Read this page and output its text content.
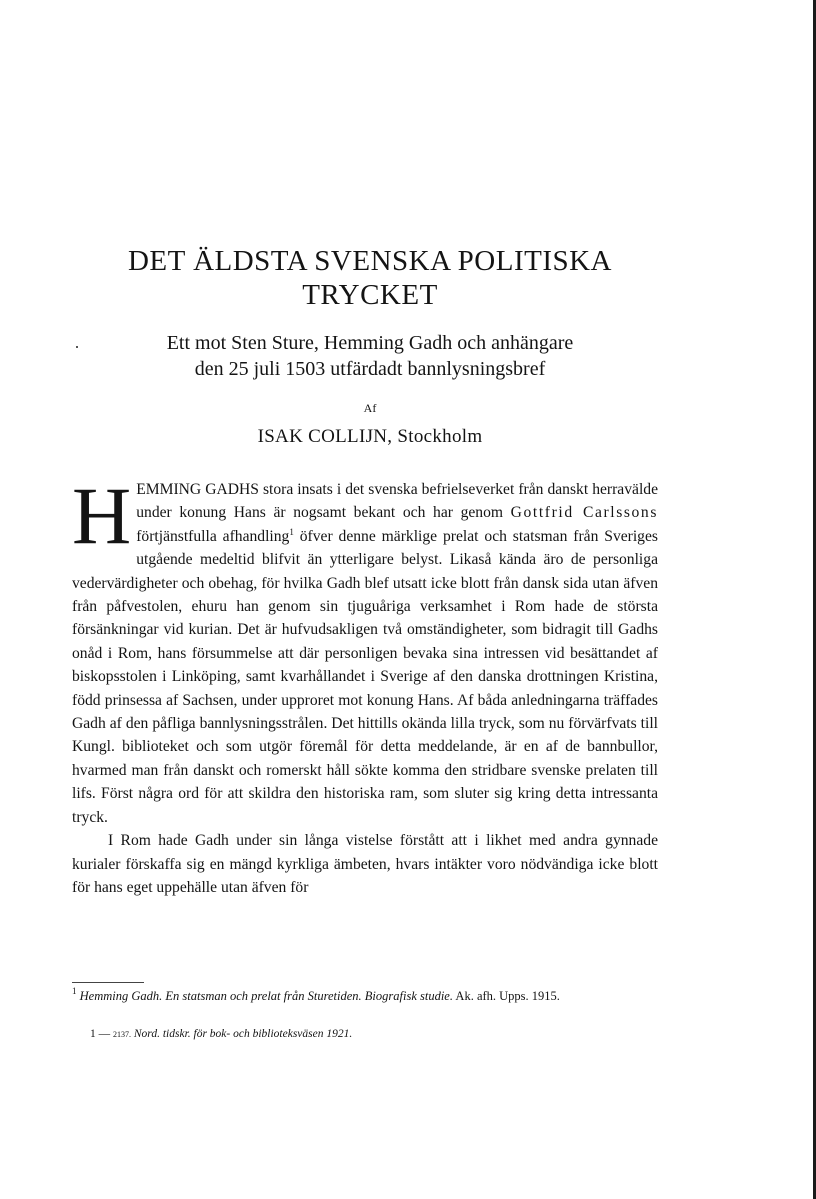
DET ÄLDSTA SVENSKA POLITISKA
TRYCKET
Ett mot Sten Sture, Hemming Gadh och anhängare
den 25 juli 1503 utfärdadt bannlysningsbref
Af
ISAK COLLIJN, Stockholm

HEMMING GADHS stora insats i det svenska befrielseverket från danskt herravälde under konung Hans är nogsamt bekant och har genom Gottfrid Carlssons förtjänstfulla afhandling$^1$ öfver denne märklige prelat och statsman från Sveriges utgående medeltid blifvit än ytterligare belyst. Likaså kända äro de personliga vedervärdigheter och obehag, för hvilka Gadh blef utsatt icke blott från dansk sida utan äfven från påfvestolen, ehuru han genom sin tjuguåriga verksamhet i Rom hade de största försänkningar vid kurian. Det är hufvudsakligen två omständigheter, som bidragit till Gadhs onåd i Rom, hans försummelse att där personligen bevaka sina intressen vid besättandet af biskopsstolen i Linköping, samt kvarhållandet i Sverige af den danska drottningen Kristina, född prinsessa af Sachsen, under upproret mot konung Hans. Af båda anledningarna träffades Gadh af den påfliga bannlysningsstrålen. Det hittills okända lilla tryck, som nu förvärfvats till Kungl. biblioteket och som utgör föremål för detta meddelande, är en af de bannbullor, hvarmed man från danskt och romerskt håll sökte komma den stridbare svenske prelaten till lifs. Först några ord för att skildra den historiska ram, som sluter sig kring detta intressanta tryck.

I Rom hade Gadh under sin långa vistelse förstått att i likhet med andra gynnade kurialer förskaffa sig en mängd kyrkliga ämbeten, hvars intäkter voro nödvändiga icke blott för hans eget uppehälle utan äfven för

$^1$ Hemming Gadh. En statsman och prelat från Sturetiden. Biografisk studie. Ak. afh. Upps. 1915.
1 — 2137. Nord. tidskr. för bok- och biblioteksväsen 1921.
